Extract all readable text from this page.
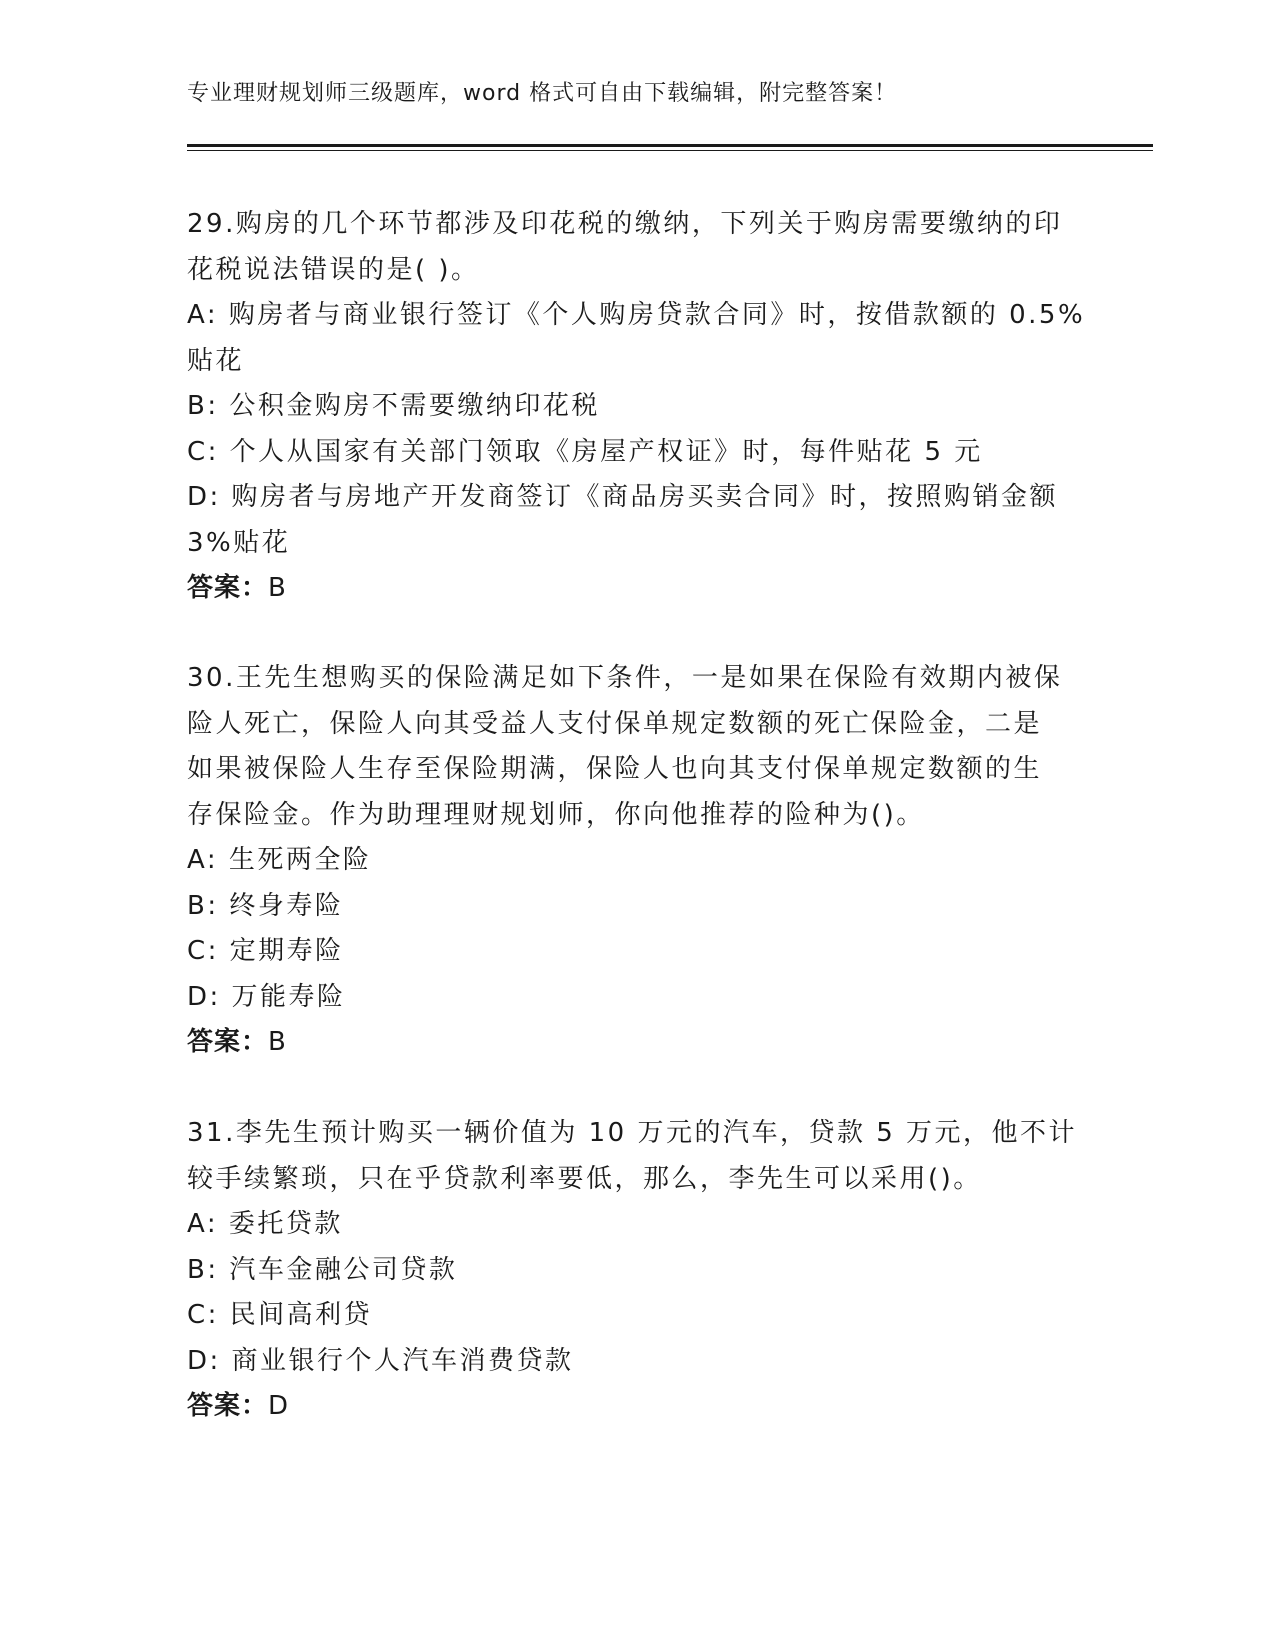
专业理财规划师三级题库，word 格式可自由下载编辑，附完整答案！
29.购房的几个环节都涉及印花税的缴纳，下列关于购房需要缴纳的印
花税说法错误的是( )。
A: 购房者与商业银行签订《个人购房贷款合同》时，按借款额的 0.5%
贴花
B: 公积金购房不需要缴纳印花税
C: 个人从国家有关部门领取《房屋产权证》时，每件贴花 5 元
D: 购房者与房地产开发商签订《商品房买卖合同》时，按照购销金额
3%贴花
答案：B
30.王先生想购买的保险满足如下条件，一是如果在保险有效期内被保
险人死亡，保险人向其受益人支付保单规定数额的死亡保险金，二是
如果被保险人生存至保险期满，保险人也向其支付保单规定数额的生
存保险金。作为助理理财规划师，你向他推荐的险种为()。
A: 生死两全险
B: 终身寿险
C: 定期寿险
D: 万能寿险
答案：B
31.李先生预计购买一辆价值为 10 万元的汽车，贷款 5 万元，他不计
较手续繁琐，只在乎贷款利率要低，那么，李先生可以采用()。
A: 委托贷款
B: 汽车金融公司贷款
C: 民间高利贷
D: 商业银行个人汽车消费贷款
答案：D
